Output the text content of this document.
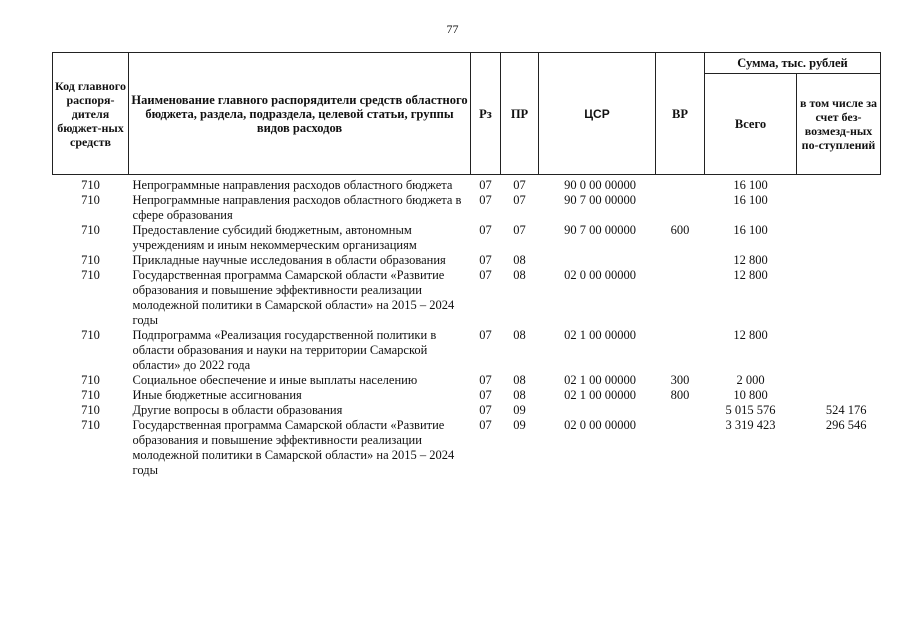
77
Код главного распоря-дителя бюджет-ных средств	Наименование главного распорядители средств областного бюджета, раздела, подраздела, целевой статьи, группы видов расходов	Рз	ПР	ЦСР	ВР	Сумма, тыс. рублей	
						Всего	в том числе за счет без-возмезд-ных по-ступлений
710	Непрограммные направления расходов областного бюджета	07	07	90 0 00 00000		16 100	
710	Непрограммные направления расходов областного бюджета в сфере образования	07	07	90 7 00 00000		16 100	
710	Предоставление субсидий бюджетным, автономным учреждениям и иным некоммерческим организациям	07	07	90 7 00 00000	600	16 100	
710	Прикладные научные исследования в области образования	07	08			12 800	
710	Государственная программа Самарской области «Развитие образования и повышение эффективности реализации молодежной политики в Самарской области» на 2015 – 2024 годы	07	08	02 0 00 00000		12 800	
710	Подпрограмма «Реализация государственной политики в области образования и науки на территории Самарской области» до 2022 года	07	08	02 1 00 00000		12 800	
710	Социальное обеспечение и иные выплаты населению	07	08	02 1 00 00000	300	2 000	
710	Иные бюджетные ассигнования	07	08	02 1 00 00000	800	10 800	
710	Другие вопросы в области образования	07	09			5 015 576	524 176
710	Государственная программа Самарской области «Развитие образования и повышение эффективности реализации молодежной политики в Самарской области» на 2015 – 2024 годы	07	09	02 0 00 00000		3 319 423	296 546
